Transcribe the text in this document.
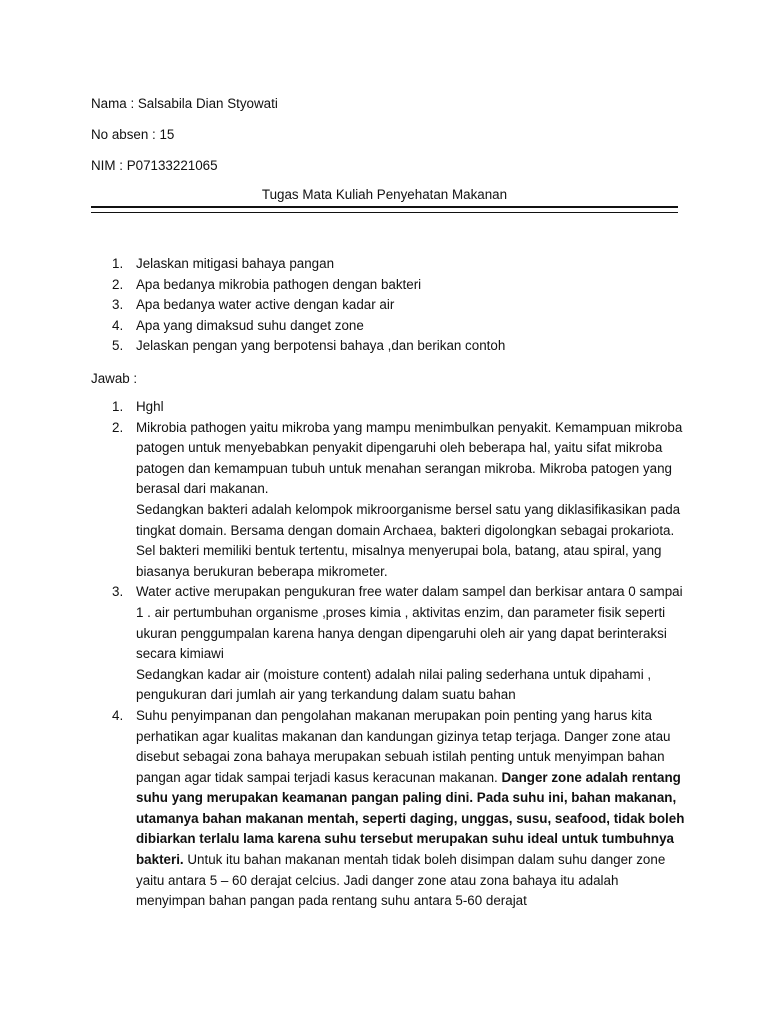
Nama : Salsabila Dian Styowati
No absen : 15
NIM : P07133221065
Tugas Mata Kuliah Penyehatan Makanan
1. Jelaskan mitigasi bahaya pangan
2. Apa bedanya mikrobia pathogen dengan bakteri
3. Apa bedanya water active dengan kadar air
4. Apa yang dimaksud suhu danget zone
5. Jelaskan pengan yang berpotensi bahaya ,dan berikan contoh
Jawab :
1. Hghl
2. Mikrobia pathogen yaitu mikroba yang mampu menimbulkan penyakit. Kemampuan mikroba patogen untuk menyebabkan penyakit dipengaruhi oleh beberapa hal, yaitu sifat mikroba patogen dan kemampuan tubuh untuk menahan serangan mikroba. Mikroba patogen yang berasal dari makanan.
Sedangkan bakteri adalah kelompok mikroorganisme bersel satu yang diklasifikasikan pada tingkat domain. Bersama dengan domain Archaea, bakteri digolongkan sebagai prokariota. Sel bakteri memiliki bentuk tertentu, misalnya menyerupai bola, batang, atau spiral, yang biasanya berukuran beberapa mikrometer.
3. Water active merupakan pengukuran free water dalam sampel dan berkisar antara 0 sampai 1 . air pertumbuhan organisme ,proses kimia , aktivitas enzim, dan parameter fisik seperti ukuran penggumpalan karena hanya dengan dipengaruhi oleh air yang dapat berinteraksi secara kimiawi
Sedangkan kadar air (moisture content) adalah nilai paling sederhana untuk dipahami , pengukuran dari jumlah air yang terkandung dalam suatu bahan
4. Suhu penyimpanan dan pengolahan makanan merupakan poin penting yang harus kita perhatikan agar kualitas makanan dan kandungan gizinya tetap terjaga. Danger zone atau disebut sebagai zona bahaya merupakan sebuah istilah penting untuk menyimpan bahan pangan agar tidak sampai terjadi kasus keracunan makanan. Danger zone adalah rentang suhu yang merupakan keamanan pangan paling dini. Pada suhu ini, bahan makanan, utamanya bahan makanan mentah, seperti daging, unggas, susu, seafood, tidak boleh dibiarkan terlalu lama karena suhu tersebut merupakan suhu ideal untuk tumbuhnya bakteri. Untuk itu bahan makanan mentah tidak boleh disimpan dalam suhu danger zone yaitu antara 5 – 60 derajat celcius. Jadi danger zone atau zona bahaya itu adalah menyimpan bahan pangan pada rentang suhu antara 5-60 derajat
